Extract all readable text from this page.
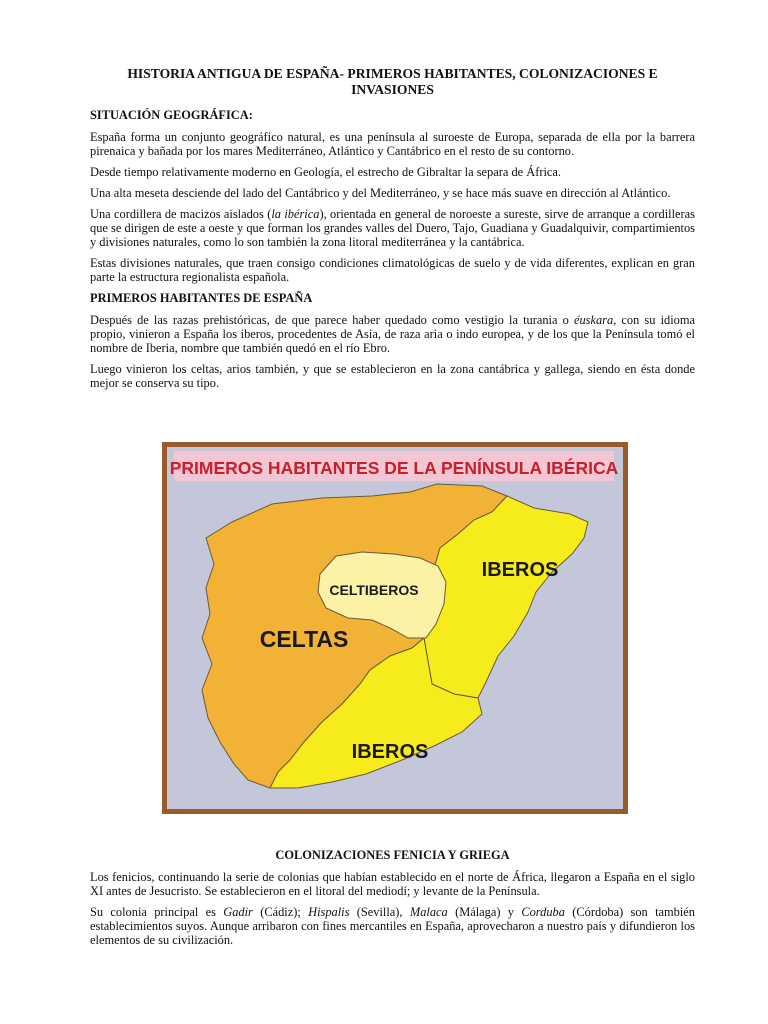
HISTORIA ANTIGUA DE ESPAÑA- PRIMEROS HABITANTES, COLONIZACIONES E INVASIONES
SITUACIÓN GEOGRÁFICA:

España forma un conjunto geográfico natural, es una península al suroeste de Europa, separada de ella por la barrera pirenaica y bañada por los mares Mediterráneo, Atlántico y Cantábrico en el resto de su contorno.

Desde tiempo relativamente moderno en Geología, el estrecho de Gibraltar la separa de África.

Una alta meseta desciende del lado del Cantábrico y del Mediterráneo, y se hace más suave en dirección al Atlántico.

Una cordillera de macizos aislados (la ibérica), orientada en general de noroeste a sureste, sirve de arranque a cordilleras que se dirigen de este a oeste y que forman los grandes valles del Duero, Tajo, Guadiana y Guadalquivir, compartimientos y divisiones naturales, como lo son también la zona litoral mediterránea y la cantábrica.

Estas divisiones naturales, que traen consigo condiciones climatológicas de suelo y de vida diferentes, explican en gran parte la estructura regionalista española.

PRIMEROS HABITANTES DE ESPAÑA

Después de las razas prehistóricas, de que parece haber quedado como vestigio la turania o éuskara, con su idioma propio, vinieron a España los iberos, procedentes de Asia, de raza aria o indo europea, y de los que la Península tomó el nombre de Iberia, nombre que también quedó en el río Ebro.

Luego vinieron los celtas, arios también, y que se establecieron en la zona cantábrica y gallega, siendo en ésta donde mejor se conserva su tipo.

PRIMEROS HABITANTES DE LA PENÍNSULA IBÉRICA
CELTIBEROS
IBEROS
CELTAS
IBEROS
COLONIZACIONES FENICIA Y GRIEGA

Los fenicios, continuando la serie de colonias que habían establecido en el norte de África, llegaron a España en el siglo XI antes de Jesucristo. Se establecieron en el litoral del mediodí; y levante de la Península.

Su colonia principal es Gadir (Cádiz); Hispalis (Sevilla), Malaca (Málaga) y Corduba (Córdoba) son también establecimientos suyos. Aunque arribaron con fines mercantiles en España, aprovecharon a nuestro país y difundieron los elementos de su civilización.
